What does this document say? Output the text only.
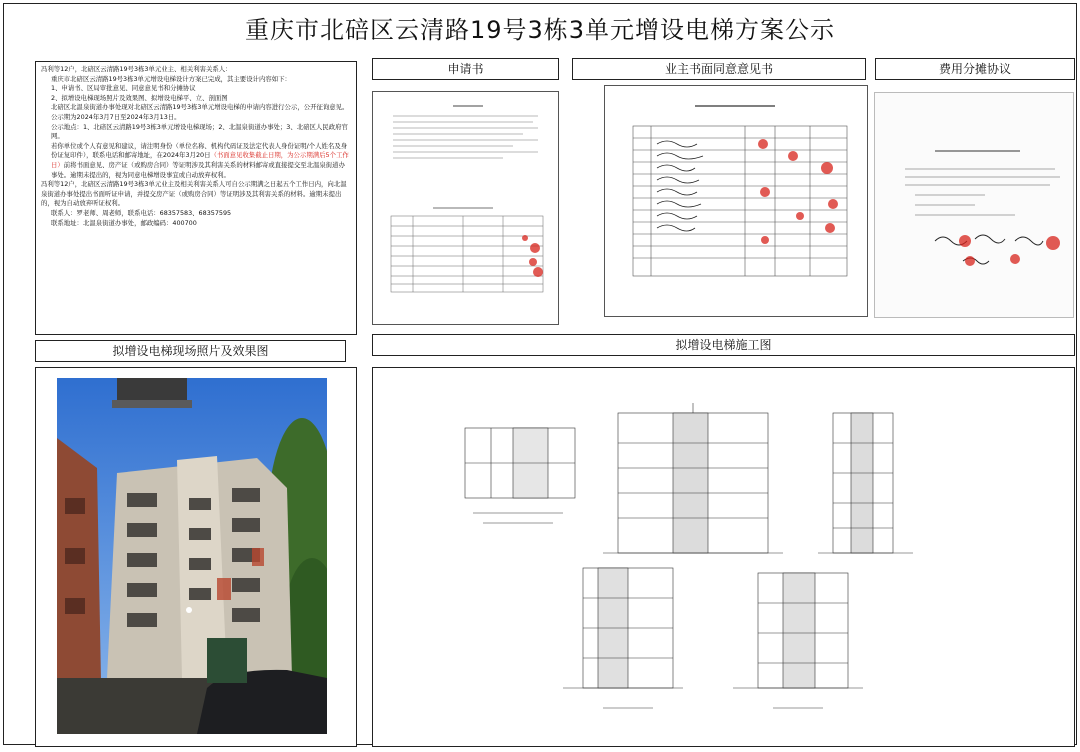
重庆市北碚区云清路19号3栋3单元增设电梯方案公示

冯利等12户，北碚区云清路19号3栋3单元业主、相关利害关系人：

重庆市北碚区云清路19号3栋3单元增设电梯设计方案已完成，其主要设计内容如下：

1、申请书、区局审批意见、同意意见书和分摊协议

2、拟增设电梯现场照片及效果图、拟增设电梯平、立、剖面图

北碚区北温泉街道办事处现对北碚区云清路19号3栋3单元增设电梯的申请内容进行公示，公开征询意见。公示期为2024年3月7日至2024年3月13日。

公示地点：1、北碚区云清路19号3栋3单元增设电梯现场；2、北温泉街道办事处；3、北碚区人民政府官网。

若你单位或个人有意见和建议，请注明身份（单位名称、机构代码证及法定代表人身份证明/个人姓名及身份证复印件），联系电话和邮寄地址，在2024年3月20日（书面意见收集截止日期，为公示期满后5个工作日）前将书面意见、房产证（或购房合同）等证明涉及其利害关系的材料邮寄或直接提交至北温泉街道办事处。逾期未提出的，视为同意电梯增设事宜或自动放弃权利。

冯利等12户，北碚区云清路19号3栋3单元业主及相关利害关系人可自公示期满之日起五个工作日内，向北温泉街道办事处提出书面听证申请，并提交房产证（或购房合同）等证明涉及其利害关系的材料。逾期未提出的，视为自动放弃听证权利。

联系人：罗老师、周老师，联系电话：68357583、68357595

联系地址：北温泉街道办事处，邮政编码：400700

申请书	业主书面同意意见书	费用分摊协议
拟增设电梯现场照片及效果图	拟增设电梯施工图
